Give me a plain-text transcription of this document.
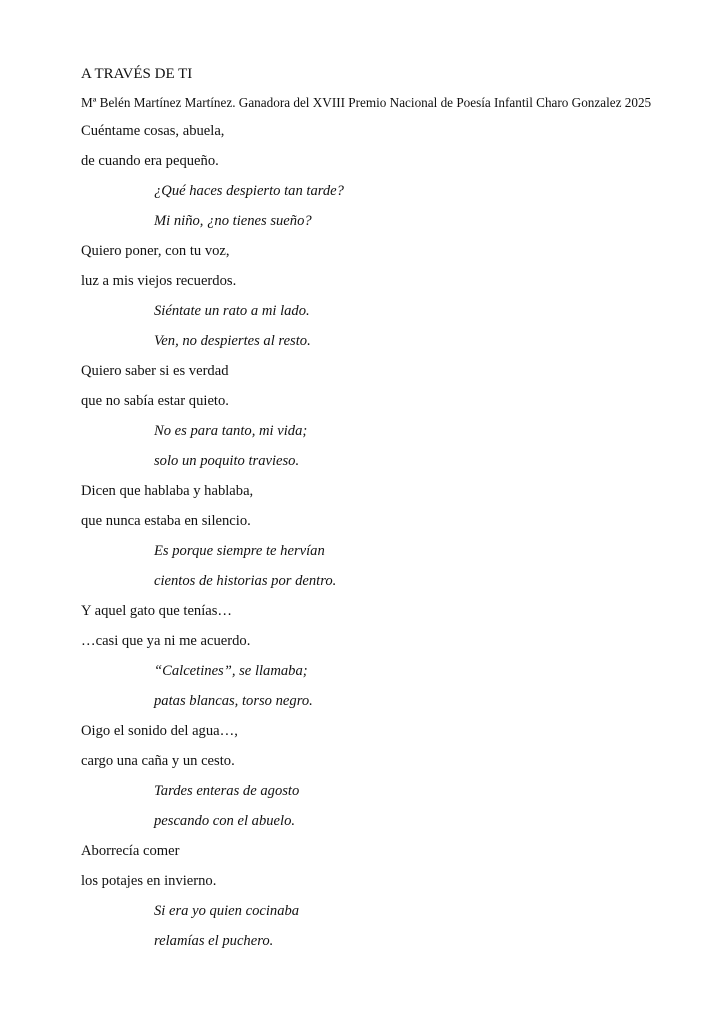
A TRAVÉS DE TI
Mª Belén Martínez Martínez. Ganadora del XVIII Premio Nacional de Poesía Infantil Charo Gonzalez 2025
Cuéntame cosas, abuela,
de cuando era pequeño.
¿Qué haces despierto tan tarde?
Mi niño, ¿no tienes sueño?
Quiero poner, con tu voz,
luz a mis viejos recuerdos.
Siéntate un rato a mi lado.
Ven, no despiertes al resto.
Quiero saber si es verdad
que no sabía estar quieto.
No es para tanto, mi vida;
solo un poquito travieso.
Dicen que hablaba y hablaba,
que nunca estaba en silencio.
Es porque siempre te hervían
cientos de historias por dentro.
Y aquel gato que tenías…
…casi que ya ni me acuerdo.
“Calcetines”, se llamaba;
patas blancas, torso negro.
Oigo el sonido del agua…,
cargo una caña y un cesto.
Tardes enteras de agosto
pescando con el abuelo.
Aborrecía comer
los potajes en invierno.
Si era yo quien cocinaba
relamías el puchero.
